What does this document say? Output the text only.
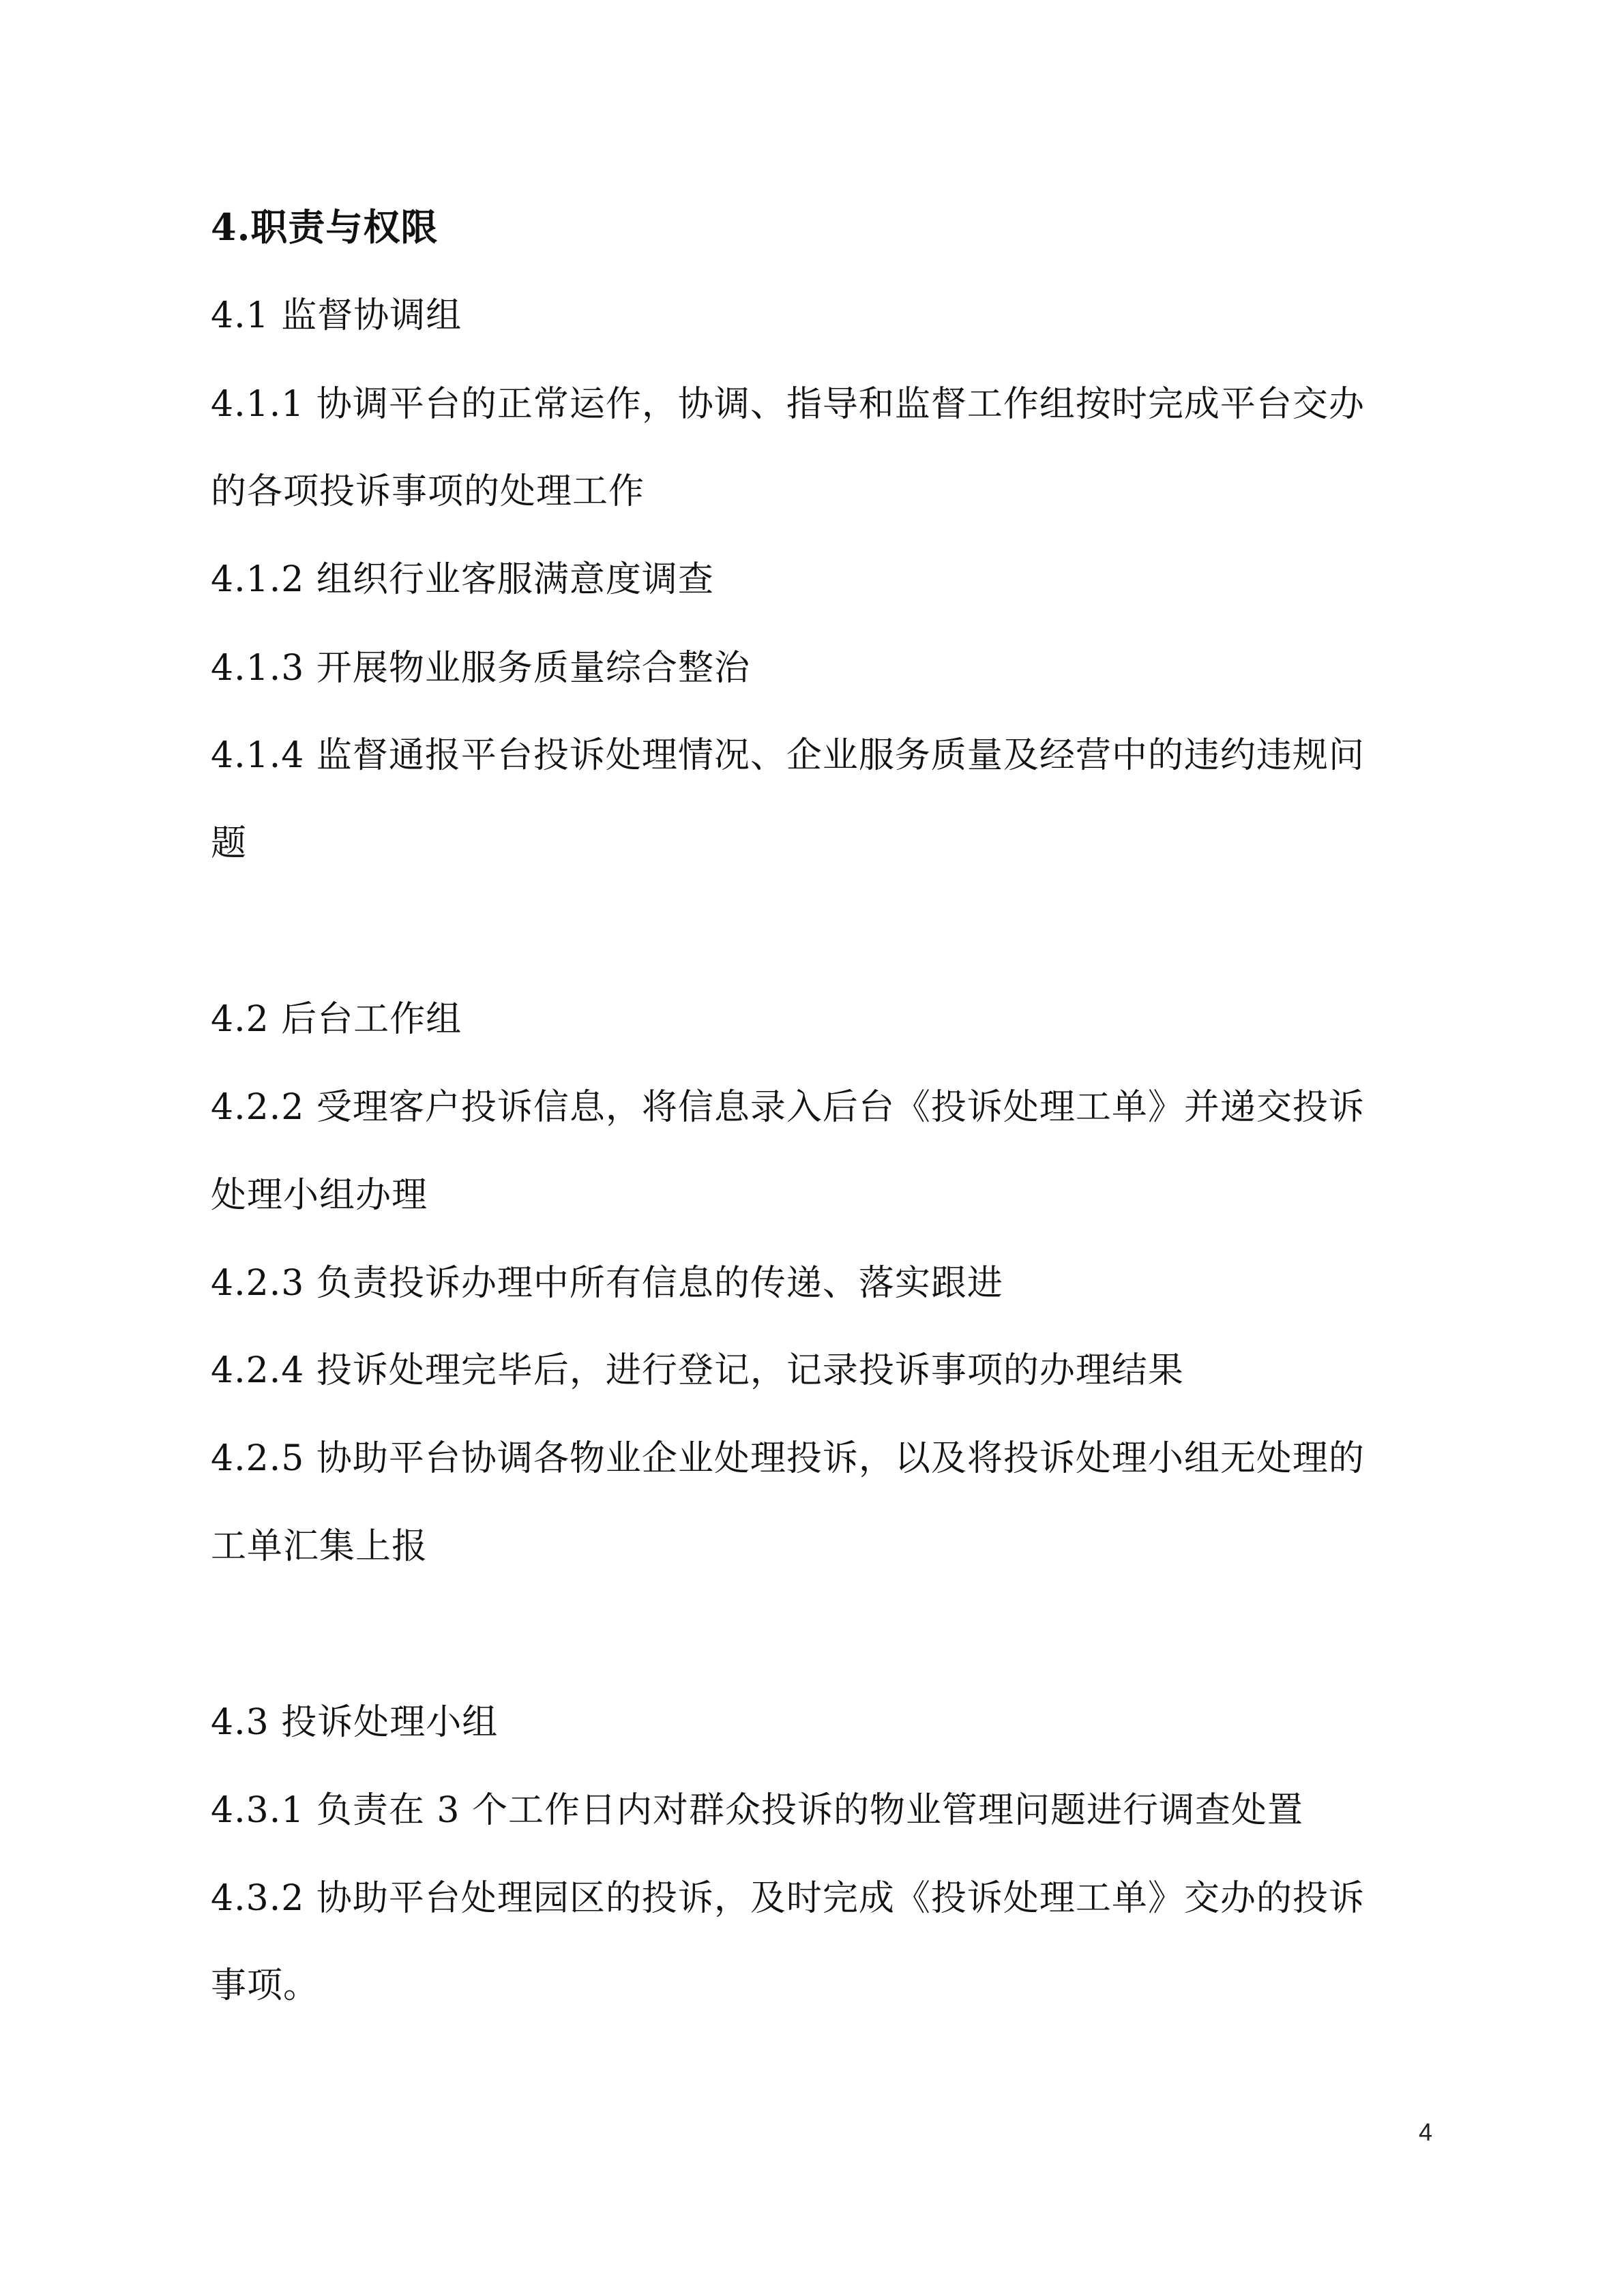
4.职责与权限
4.1 监督协调组
4.1.1 协调平台的正常运作，协调、指导和监督工作组按时完成平台交办
的各项投诉事项的处理工作
4.1.2 组织行业客服满意度调查
4.1.3 开展物业服务质量综合整治
4.1.4 监督通报平台投诉处理情况、企业服务质量及经营中的违约违规问
题
4.2 后台工作组
4.2.2 受理客户投诉信息，将信息录入后台《投诉处理工单》并递交投诉
处理小组办理
4.2.3 负责投诉办理中所有信息的传递、落实跟进
4.2.4 投诉处理完毕后，进行登记，记录投诉事项的办理结果
4.2.5 协助平台协调各物业企业处理投诉，以及将投诉处理小组无处理的
工单汇集上报
4.3 投诉处理小组
4.3.1 负责在 3 个工作日内对群众投诉的物业管理问题进行调查处置
4.3.2 协助平台处理园区的投诉，及时完成《投诉处理工单》交办的投诉
事项。
4
